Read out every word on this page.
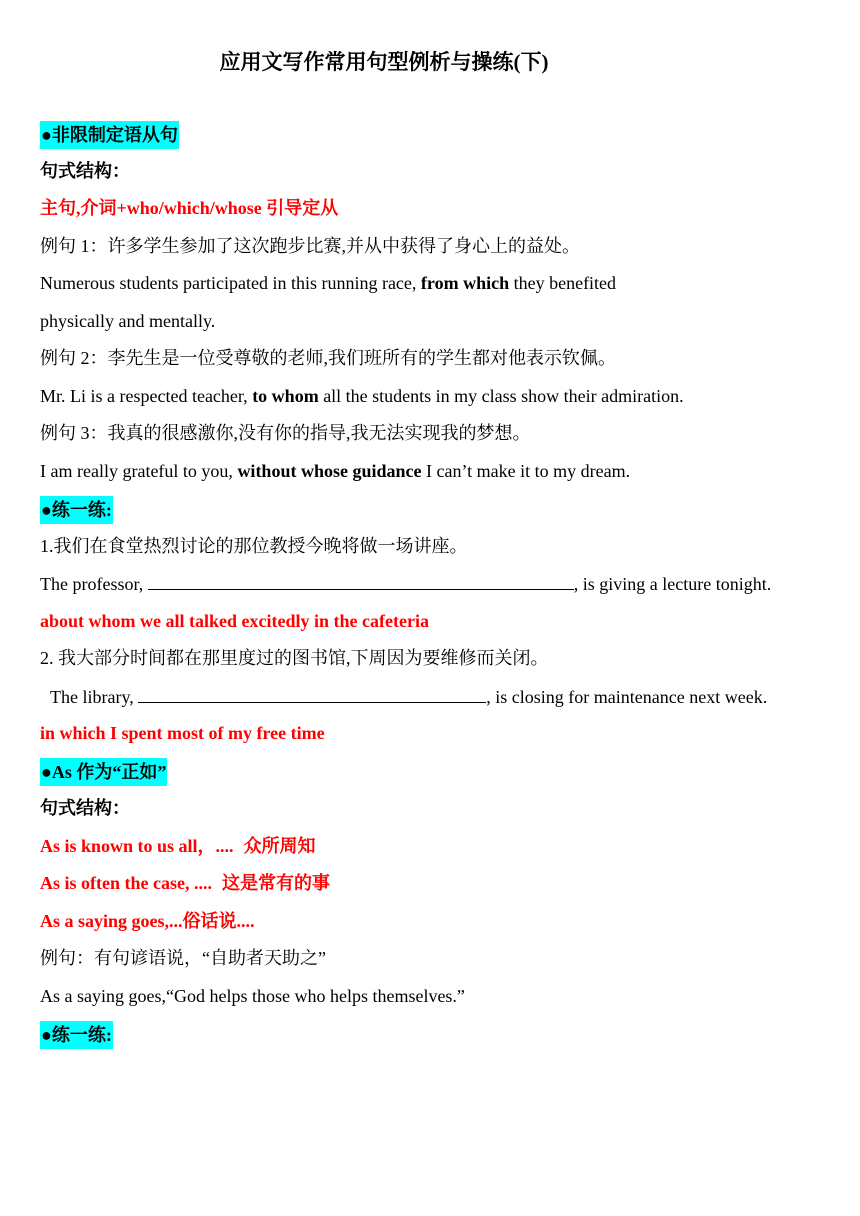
应用文写作常用句型例析与操练(下)
●非限制定语从句
句式结构：
主句,介词+who/which/whose 引导定从
例句 1：许多学生参加了这次跑步比赛,并从中获得了身心上的益处。
Numerous students participated in this running race, from which they benefited
physically and mentally.
例句 2：李先生是一位受尊敬的老师,我们班所有的学生都对他表示钦佩。
Mr. Li is a respected teacher, to whom all the students in my class show their admiration.
例句 3：我真的很感激你,没有你的指导,我无法实现我的梦想。
I am really grateful to you, without whose guidance I can’t make it to my dream.
●练一练:
1.我们在食堂热烈讨论的那位教授今晚将做一场讲座。
The professor,	, is giving a lecture tonight.
about whom we all talked excitedly in the cafeteria
2. 我大部分时间都在那里度过的图书馆,下周因为要维修而关闭。
The library,	, is closing for maintenance next week.
in which I spent most of my free time
●As 作为“正如”
句式结构：
As is known to us all，.... 众所周知
As is often the case, .... 这是常有的事
As a saying goes,...俗话说....
例句：有句谚语说，“自助者天助之”
As a saying goes,“God helps those who helps themselves.”
●练一练:
